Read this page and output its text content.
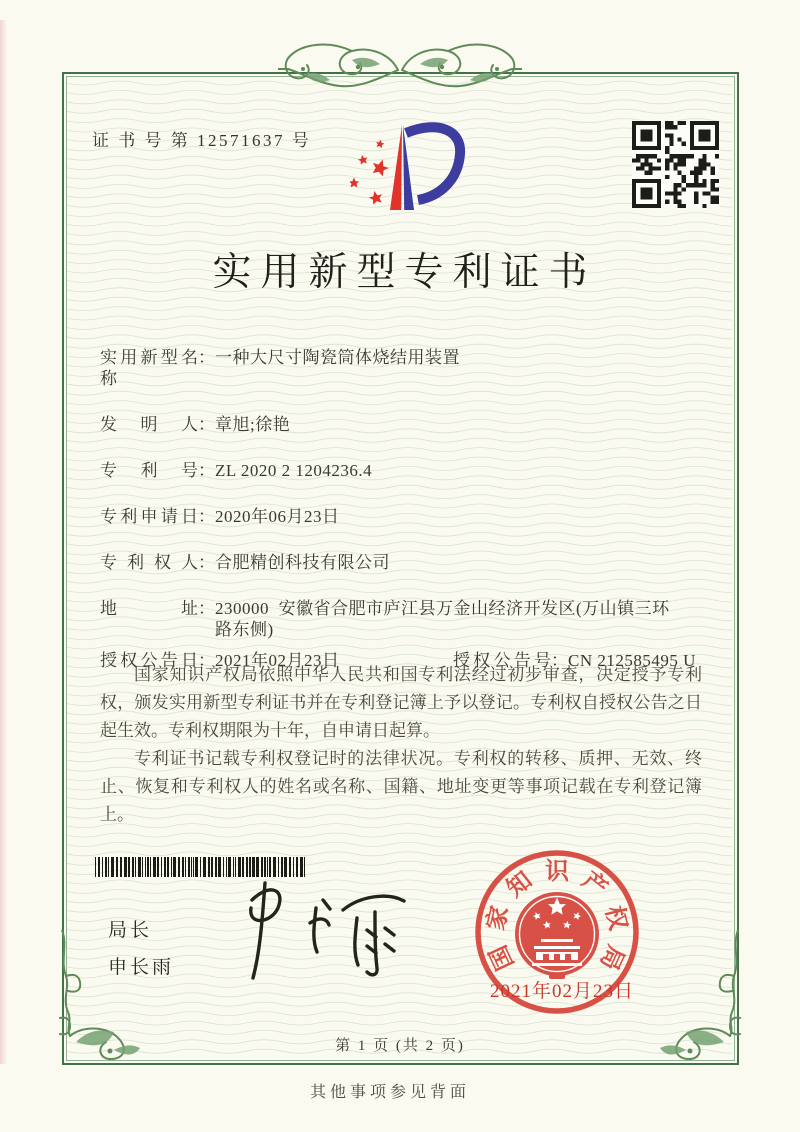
证 书 号 第 12571637 号
实用新型专利证书
实用新型名称
： 一种大尺寸陶瓷筒体烧结用装置
发明人 ： 章旭;徐艳
专利号 ： ZL 2020 2 1204236.4
专利申请日 ： 2020年06月23日
专利权人 ： 合肥精创科技有限公司
地址 ： 230000  安徽省合肥市庐江县万金山经济开发区(万山镇三环路东侧)
授权公告日 ： 2021年02月23日	授权公告号 ： CN 212585495 U

国家知识产权局依照中华人民共和国专利法经过初步审查，决定授予专利权，颁发实用新型专利证书并在专利登记簿上予以登记。专利权自授权公告之日起生效。专利权期限为十年，自申请日起算。

专利证书记载专利权登记时的法律状况。专利权的转移、质押、无效、终止、恢复和专利权人的姓名或名称、国籍、地址变更等事项记载在专利登记簿上。

局长
申长雨	国
家
知 识 产
权
局
2021年02月23日
第 1 页 (共 2 页)
其他事项参见背面
